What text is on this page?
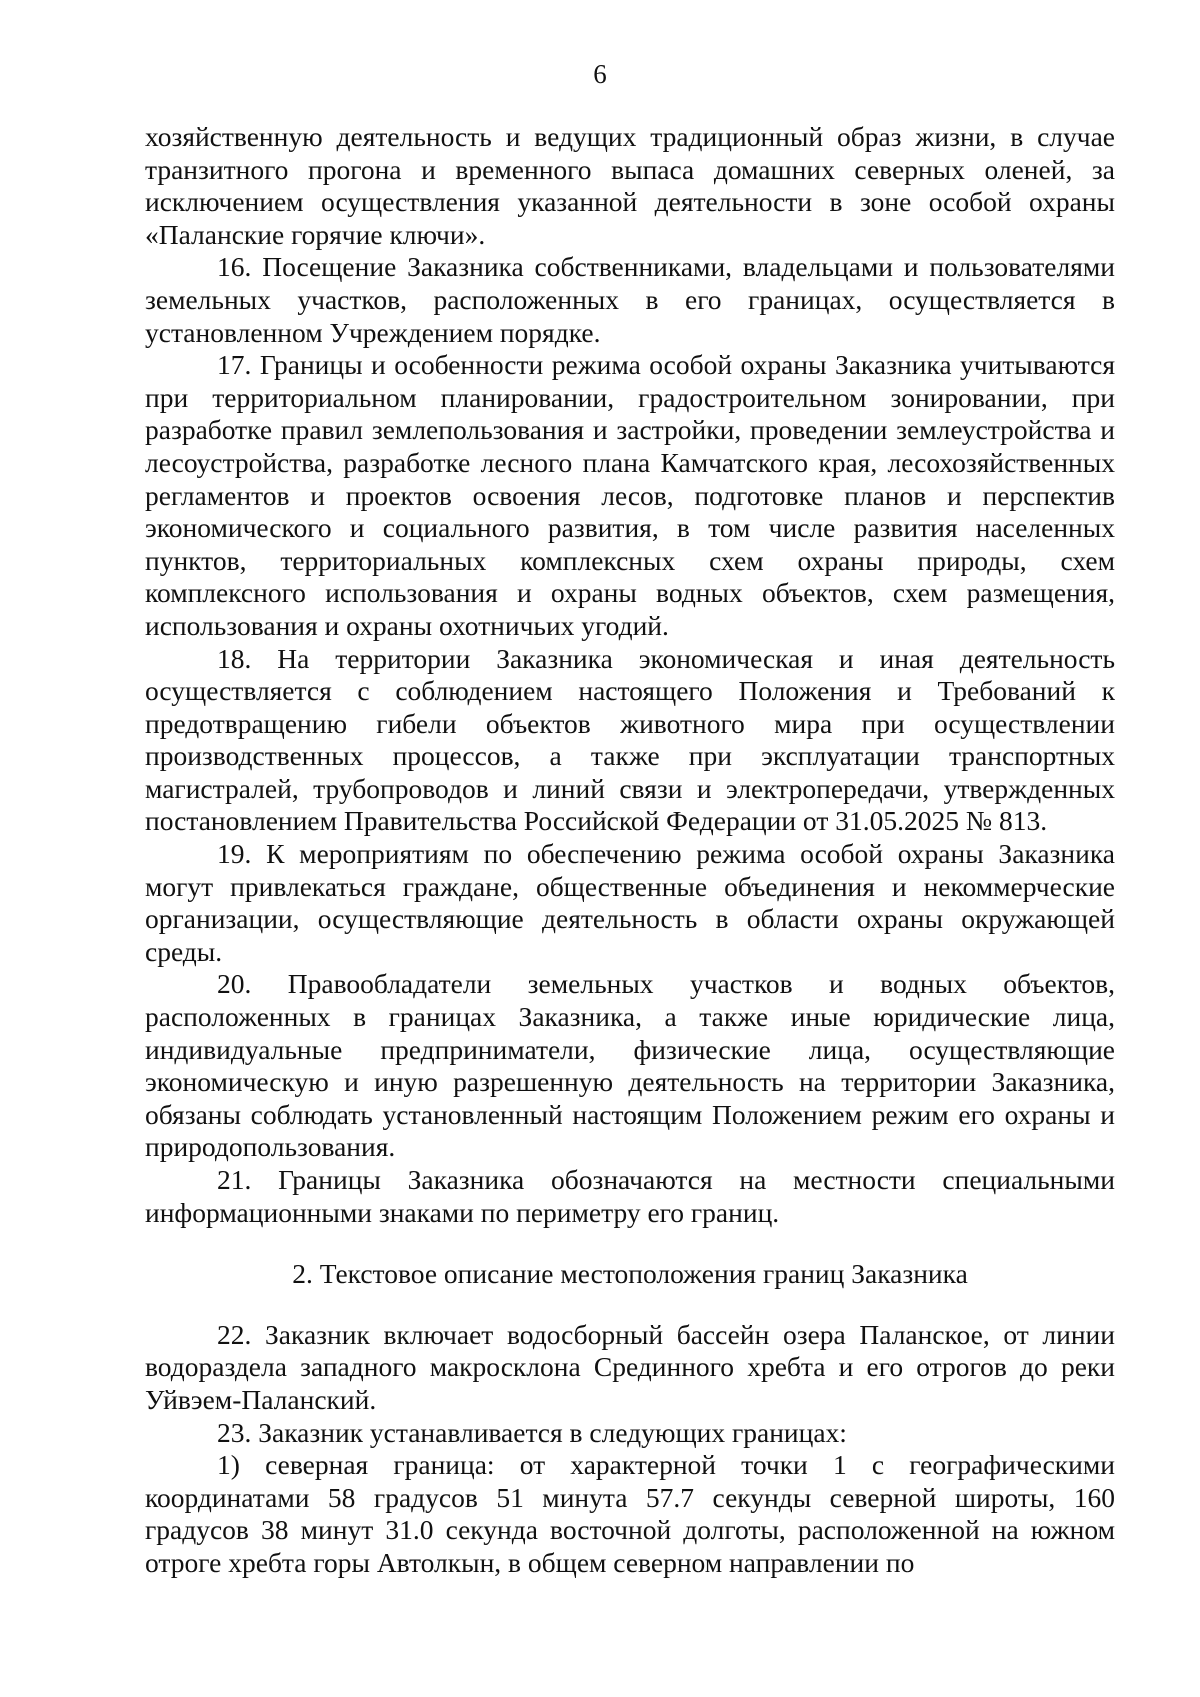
6

хозяйственную деятельность и ведущих традиционный образ жизни, в случае транзитного прогона и временного выпаса домашних северных оленей, за исключением осуществления указанной деятельности в зоне особой охраны «Паланские горячие ключи».

16. Посещение Заказника собственниками, владельцами и пользователями земельных участков, расположенных в его границах, осуществляется в установленном Учреждением порядке.

17. Границы и особенности режима особой охраны Заказника учитываются при территориальном планировании, градостроительном зонировании, при разработке правил землепользования и застройки, проведении землеустройства и лесоустройства, разработке лесного плана Камчатского края, лесохозяйственных регламентов и проектов освоения лесов, подготовке планов и перспектив экономического и социального развития, в том числе развития населенных пунктов, территориальных комплексных схем охраны природы, схем комплексного использования и охраны водных объектов, схем размещения, использования и охраны охотничьих угодий.

18. На территории Заказника экономическая и иная деятельность осуществляется с соблюдением настоящего Положения и Требований к предотвращению гибели объектов животного мира при осуществлении производственных процессов, а также при эксплуатации транспортных магистралей, трубопроводов и линий связи и электропередачи, утвержденных постановлением Правительства Российской Федерации от 31.05.2025 № 813.

19. К мероприятиям по обеспечению режима особой охраны Заказника могут привлекаться граждане, общественные объединения и некоммерческие организации, осуществляющие деятельность в области охраны окружающей среды.

20. Правообладатели земельных участков и водных объектов, расположенных в границах Заказника, а также иные юридические лица, индивидуальные предприниматели, физические лица, осуществляющие экономическую и иную разрешенную деятельность на территории Заказника, обязаны соблюдать установленный настоящим Положением режим его охраны и природопользования.

21. Границы Заказника обозначаются на местности специальными информационными знаками по периметру его границ.

2. Текстовое описание местоположения границ Заказника

22. Заказник включает водосборный бассейн озера Паланское, от линии водораздела западного макросклона Срединного хребта и его отрогов до реки Уйвэем-Паланский.

23. Заказник устанавливается в следующих границах:

1) северная граница: от характерной точки 1 с географическими координатами 58 градусов 51 минута 57.7 секунды северной широты, 160 градусов 38 минут 31.0 секунда восточной долготы, расположенной на южном отроге хребта горы Автолкын, в общем северном направлении по
